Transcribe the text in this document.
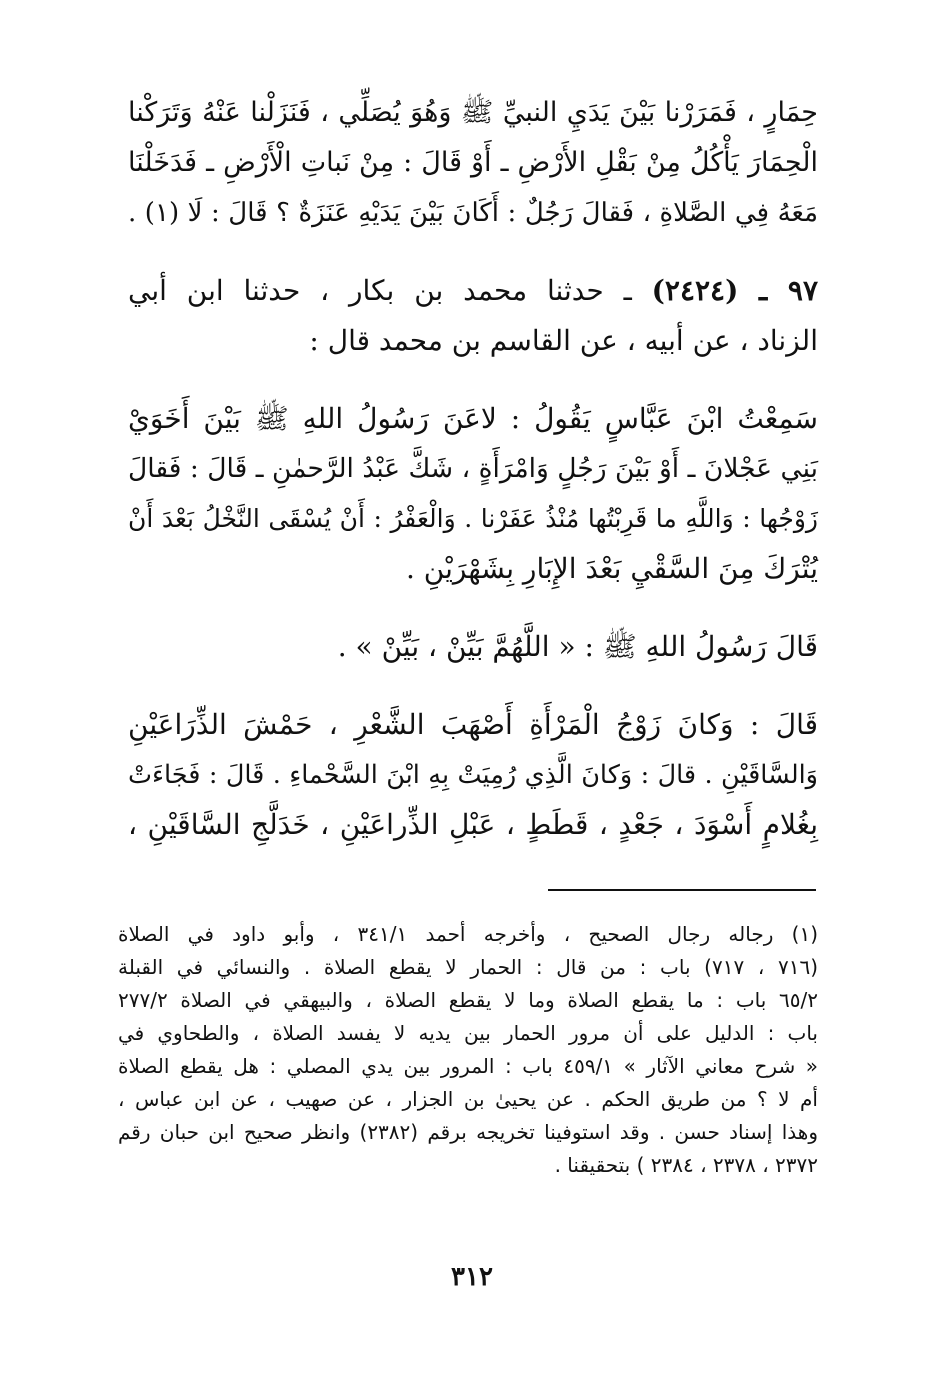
حِمَارٍ ، فَمَرَرْنا بَيْنَ يَدَيِ النبيِّ ﷺ وَهُوَ يُصَلِّي ، فَنَزَلْنا عَنْهُ وَتَرَكْنا
الْحِمَارَ يَأْكُلُ مِنْ بَقْلِ الأَرْضِ ـ أَوْ قَالَ : مِنْ نَباتِ الْأَرْضِ ـ فَدَخَلْنَا
مَعَهُ فِي الصَّلاةِ ، فَقالَ رَجُلٌ : أَكَانَ بَيْنَ يَدَيْهِ عَنَزَةٌ ؟ قَالَ : لَا (١) .
٩٧ ـ (٢٤٢٤) ـ حدثنا محمد بن بكار ، حدثنا ابن أبي
الزناد ، عن أبيه ، عن القاسم بن محمد قال :
سَمِعْتُ ابْنَ عَبَّاسٍ يَقُولُ : لاعَنَ رَسُولُ اللهِ ﷺ بَيْنَ أَخَوَيْ
بَنِي عَجْلانَ ـ أَوْ بَيْنَ رَجُلٍ وَامْرَأَةٍ ، شَكَّ عَبْدُ الرَّحمٰنِ ـ قَالَ : فَقالَ
زَوْجُها : وَاللَّهِ ما قَرِبْتُها مُنْذُ عَفَرْنا . وَالْعَفْرُ : أَنْ يُسْقَى النَّخْلُ بَعْدَ أَنْ
يُتْرَكَ مِنَ السَّقْيِ بَعْدَ الإِبَارِ بِشَهْرَيْنِ .
قَالَ رَسُولُ اللهِ ﷺ : « اللَّهُمَّ بَيِّنْ ، بَيِّنْ » .
قَالَ : وَكانَ زَوْجُ الْمَرْأَةِ أَصْهَبَ الشَّعْرِ ، حَمْشَ الذِّرَاعَيْنِ
وَالسَّاقَيْنِ . قالَ : وَكانَ الَّذِي رُمِيَتْ بِهِ ابْنَ السَّحْماءِ . قَالَ : فَجَاءَتْ
بِغُلامٍ أَسْوَدَ ، جَعْدٍ ، قَطَطٍ ، عَبْلِ الذِّراعَيْنِ ، خَدَلَّجِ السَّاقَيْنِ ،
(١) رجاله رجال الصحيح ، وأخرجه أحمد ٣٤١/١ ، وأبو داود في الصلاة
(٧١٦ ، ٧١٧) باب : من قال : الحمار لا يقطع الصلاة . والنسائي في القبلة
٦٥/٢ باب : ما يقطع الصلاة وما لا يقطع الصلاة ، والبيهقي في الصلاة ٢٧٧/٢
باب : الدليل على أن مرور الحمار بين يديه لا يفسد الصلاة ، والطحاوي في
« شرح معاني الآثار » ٤٥٩/١ باب : المرور بين يدي المصلي : هل يقطع الصلاة
أم لا ؟ من طريق الحكم . عن يحيىٰ بن الجزار ، عن صهيب ، عن ابن عباس ،
وهذا إسناد حسن . وقد استوفينا تخريجه برقم (٢٣٨٢) وانظر صحيح ابن حبان رقم
٢٣٧٢ ، ٢٣٧٨ ، ٢٣٨٤ ) بتحقيقنا .
٣١٢
